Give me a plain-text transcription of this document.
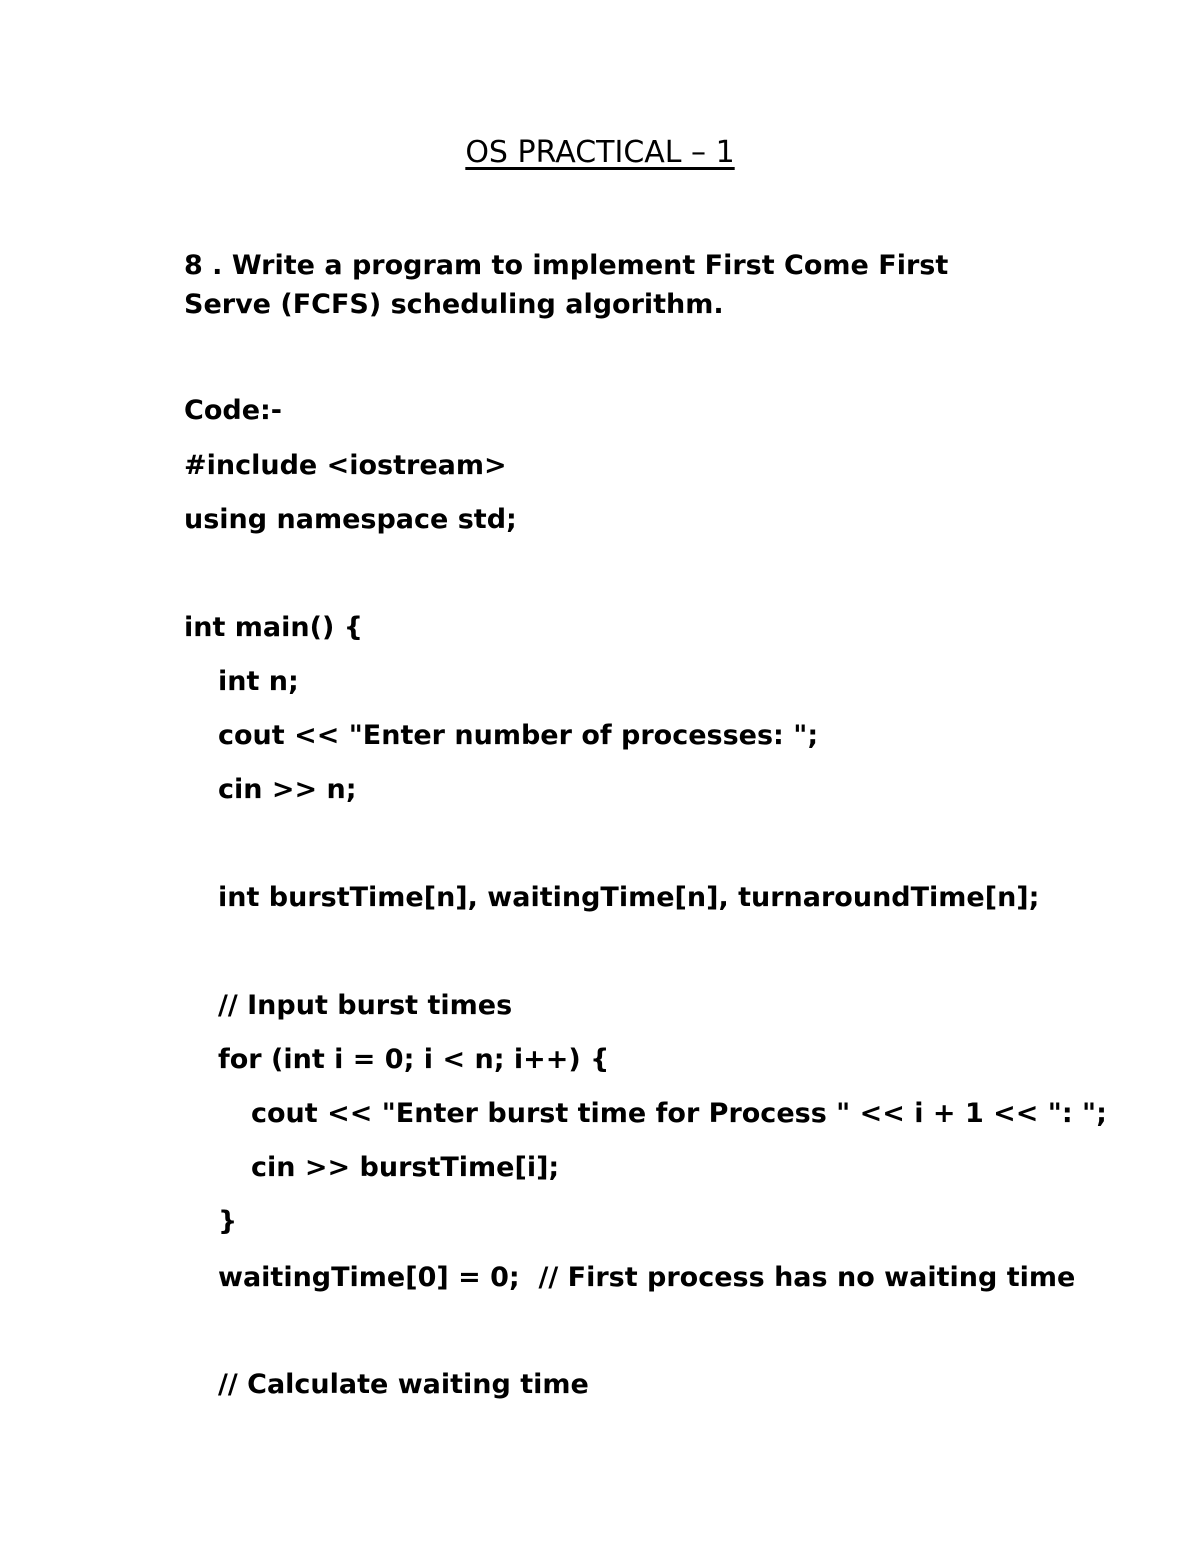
OS PRACTICAL – 1
8 . Write a program to implement First Come First Serve (FCFS) scheduling algorithm.
Code:-
#include <iostream>
using namespace std;
int main() {
int n;
cout << "Enter number of processes: ";
cin >> n;
int burstTime[n], waitingTime[n], turnaroundTime[n];
// Input burst times
for (int i = 0; i < n; i++) {
cout << "Enter burst time for Process " << i + 1 << ": ";
cin >> burstTime[i];
}
waitingTime[0] = 0;  // First process has no waiting time
// Calculate waiting time
